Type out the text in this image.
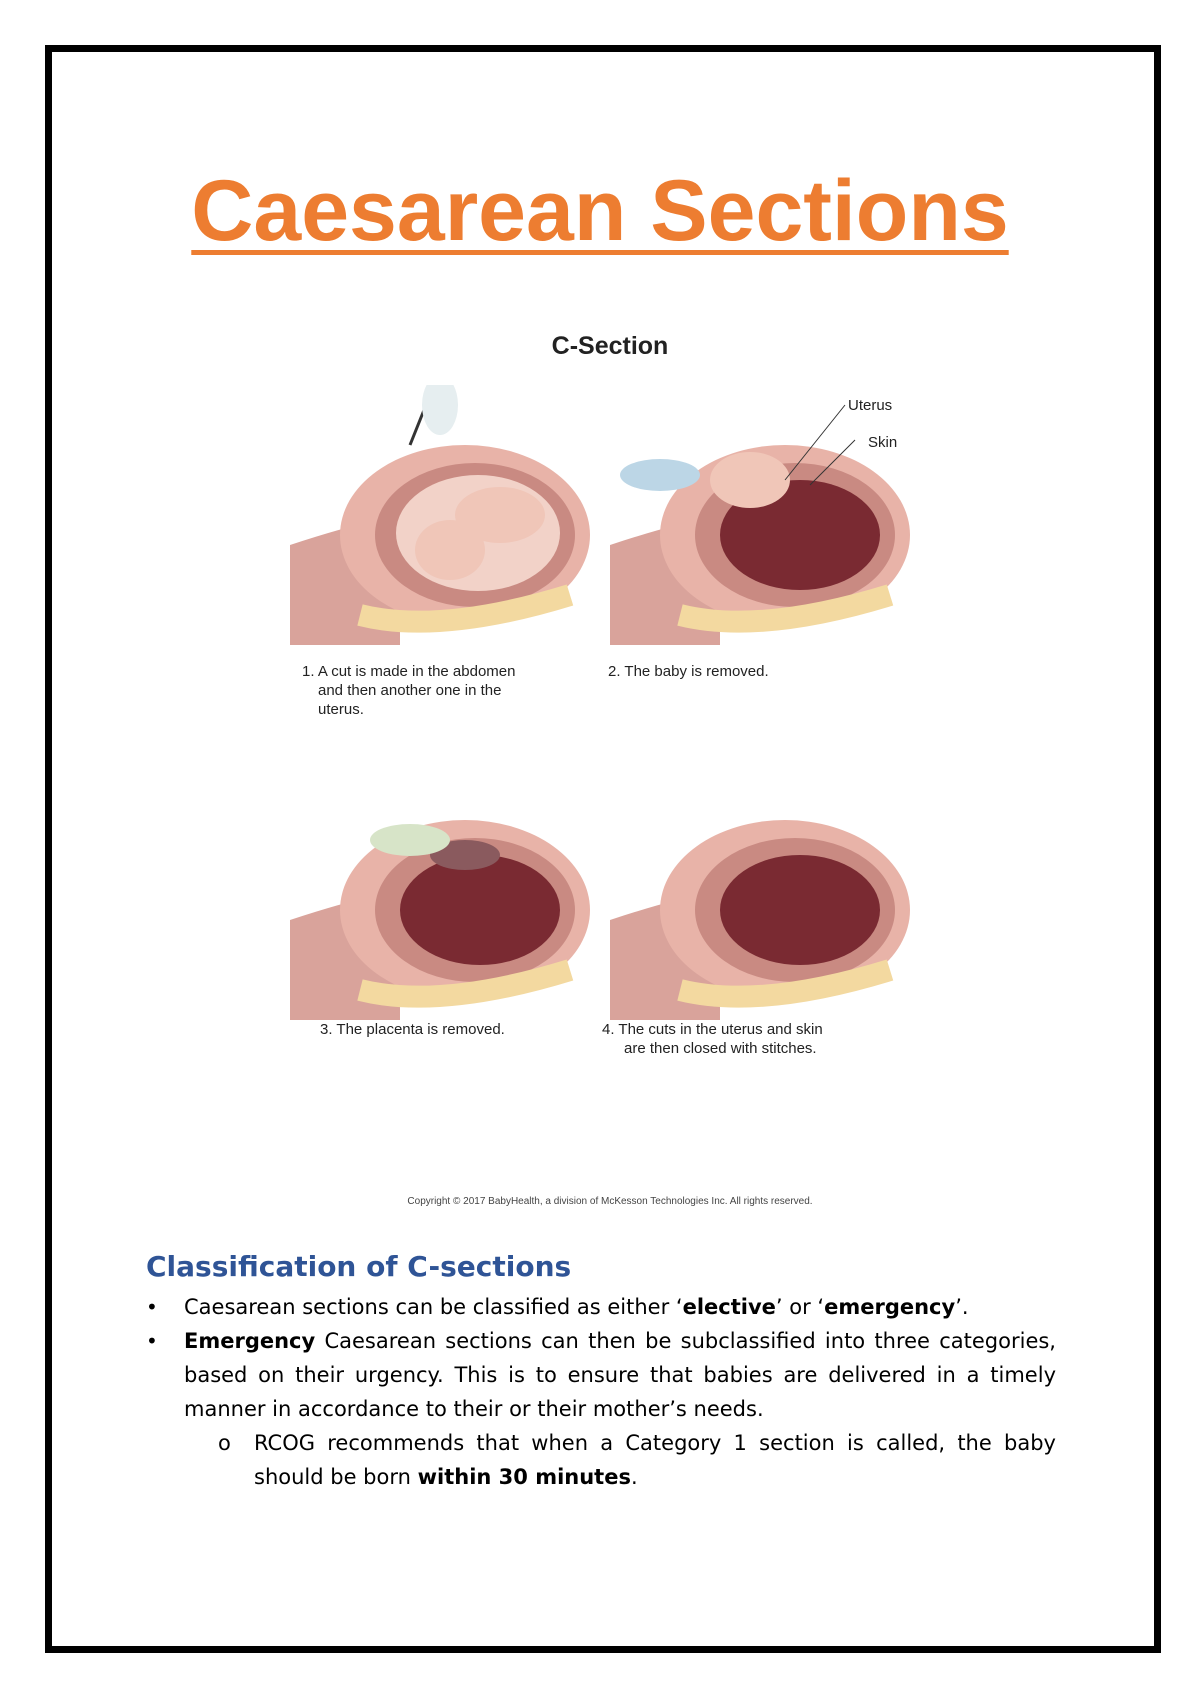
Caesarean Sections
C-Section
1. A cut is made in the abdomen
and then another one in the
uterus.
Uterus
Skin
2. The baby is removed.
3. The placenta is removed.	4. The cuts in the uterus and skin
are then closed with stitches.
Copyright © 2017 BabyHealth, a division of McKesson Technologies Inc. All rights reserved.
Classification of C-sections
• Caesarean sections can be classified as either ‘elective’ or ‘emergency’.
• Emergency Caesarean sections can then be subclassified into three categories, based on their urgency. This is to ensure that babies are delivered in a timely manner in accordance to their or their mother’s needs.
o RCOG recommends that when a Category 1 section is called, the baby should be born within 30 minutes.
